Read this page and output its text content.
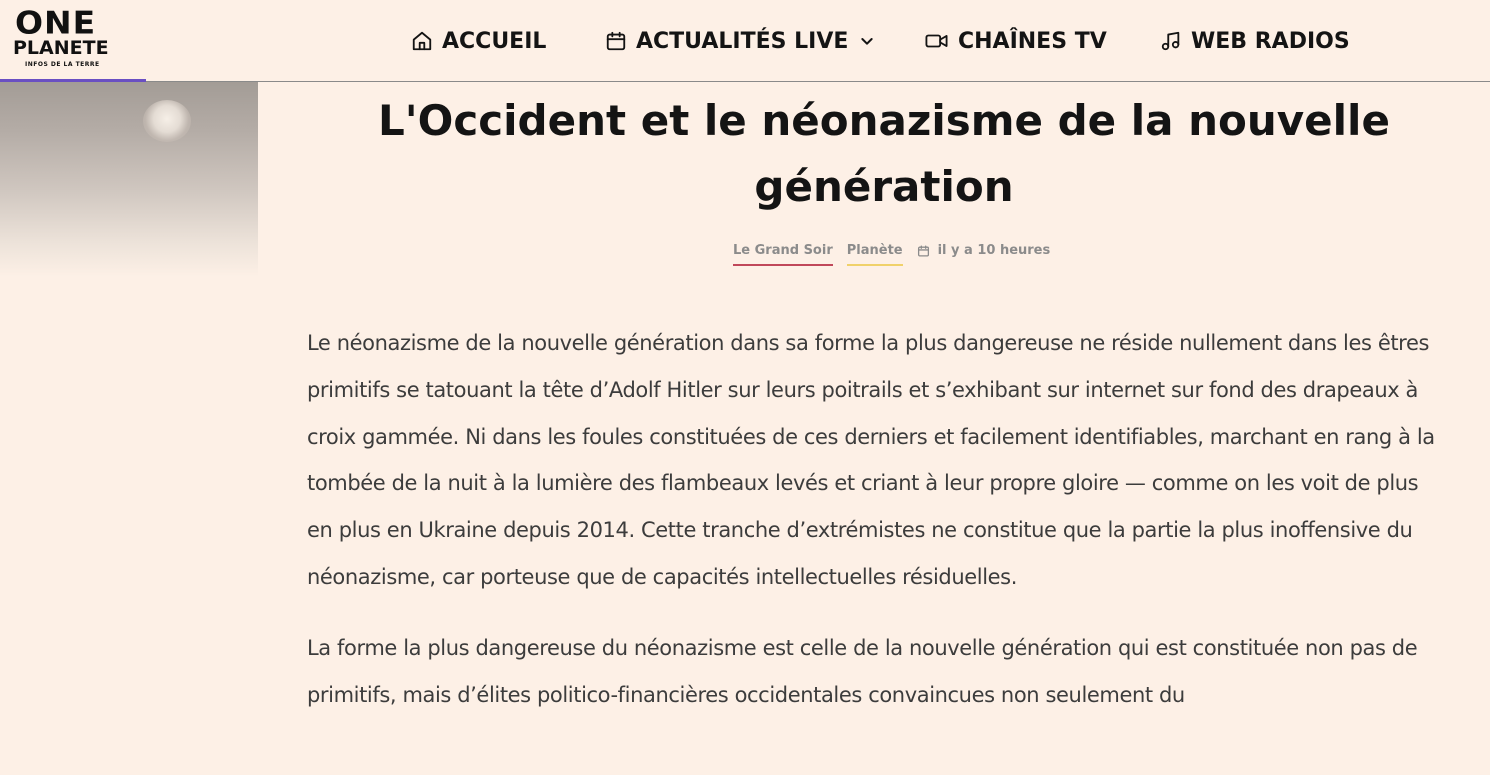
ONE
PLANETE
INFOS DE LA TERRE
ACCUEIL	ACTUALITÉS LIVE	CHAÎNES TV	WEB RADIOS
L'Occident et le néonazisme de la nouvelle génération
Le Grand Soir Planète	il y a 10 heures

Le néonazisme de la nouvelle génération dans sa forme la plus dangereuse ne réside nullement dans les êtres primitifs se tatouant la tête d’Adolf Hitler sur leurs poitrails et s’exhibant sur internet sur fond des drapeaux à croix gammée. Ni dans les foules constituées de ces derniers et facilement identifiables, marchant en rang à la tombée de la nuit à la lumière des flambeaux levés et criant à leur propre gloire — comme on les voit de plus en plus en Ukraine depuis 2014. Cette tranche d’extrémistes ne constitue que la partie la plus inoffensive du néonazisme, car porteuse que de capacités intellectuelles résiduelles.

La forme la plus dangereuse du néonazisme est celle de la nouvelle génération qui est constituée non pas de primitifs, mais d’élites politico-financières occidentales convaincues non seulement du
